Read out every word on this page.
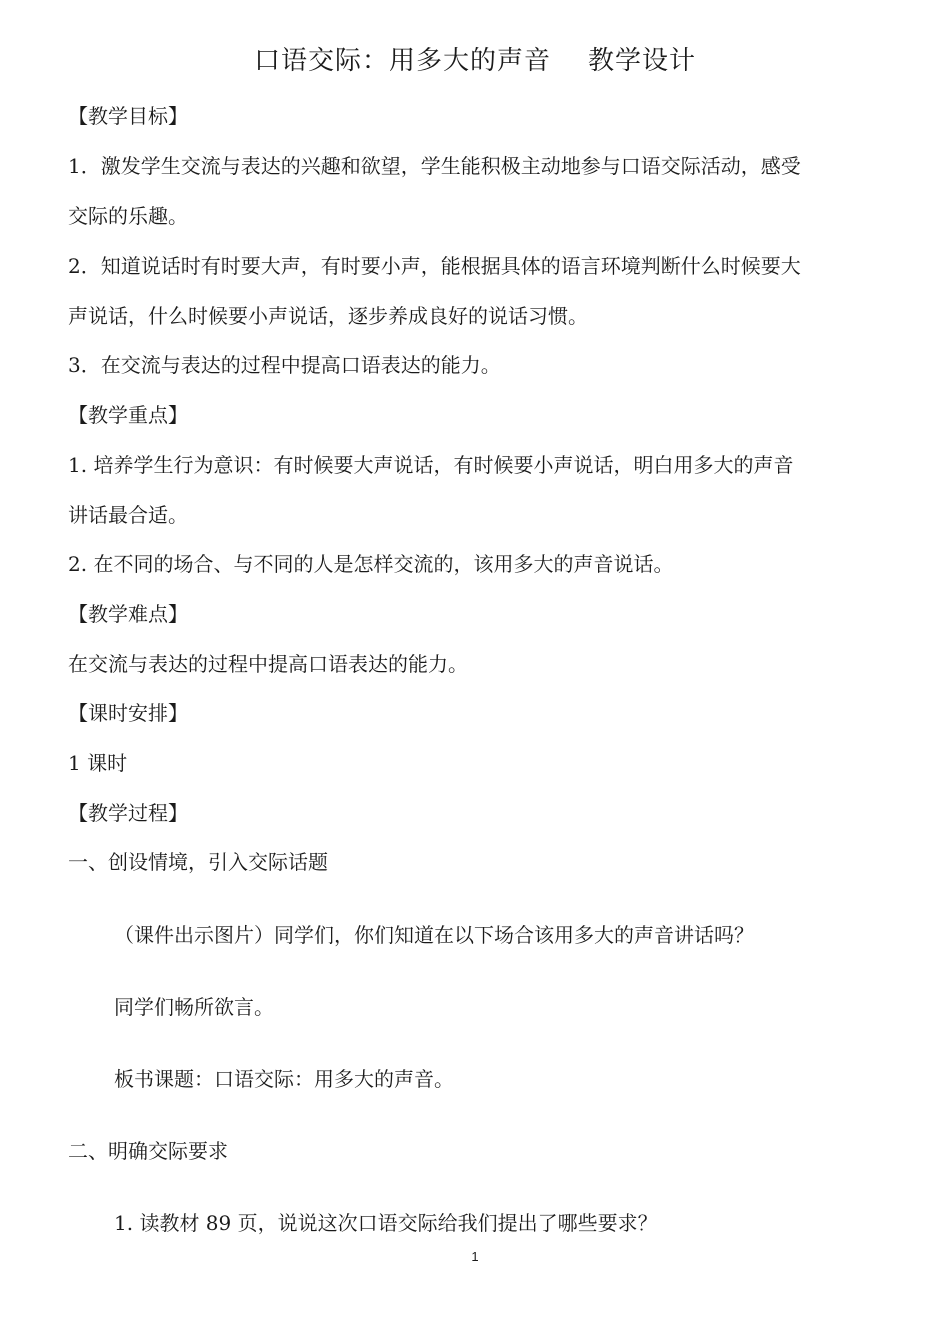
口语交际：用多大的声音    教学设计
【教学目标】
1．激发学生交流与表达的兴趣和欲望，学生能积极主动地参与口语交际活动，感受
交际的乐趣。
2．知道说话时有时要大声，有时要小声，能根据具体的语言环境判断什么时候要大
声说话，什么时候要小声说话，逐步养成良好的说话习惯。
3．在交流与表达的过程中提高口语表达的能力。
【教学重点】
1. 培养学生行为意识：有时候要大声说话，有时候要小声说话，明白用多大的声音
讲话最合适。
2. 在不同的场合、与不同的人是怎样交流的，该用多大的声音说话。
【教学难点】
在交流与表达的过程中提高口语表达的能力。
【课时安排】
1 课时
【教学过程】
一、创设情境，引入交际话题
（课件出示图片）同学们，你们知道在以下场合该用多大的声音讲话吗？
同学们畅所欲言。
板书课题：口语交际：用多大的声音。
二、明确交际要求
1. 读教材 89 页，说说这次口语交际给我们提出了哪些要求？
1
